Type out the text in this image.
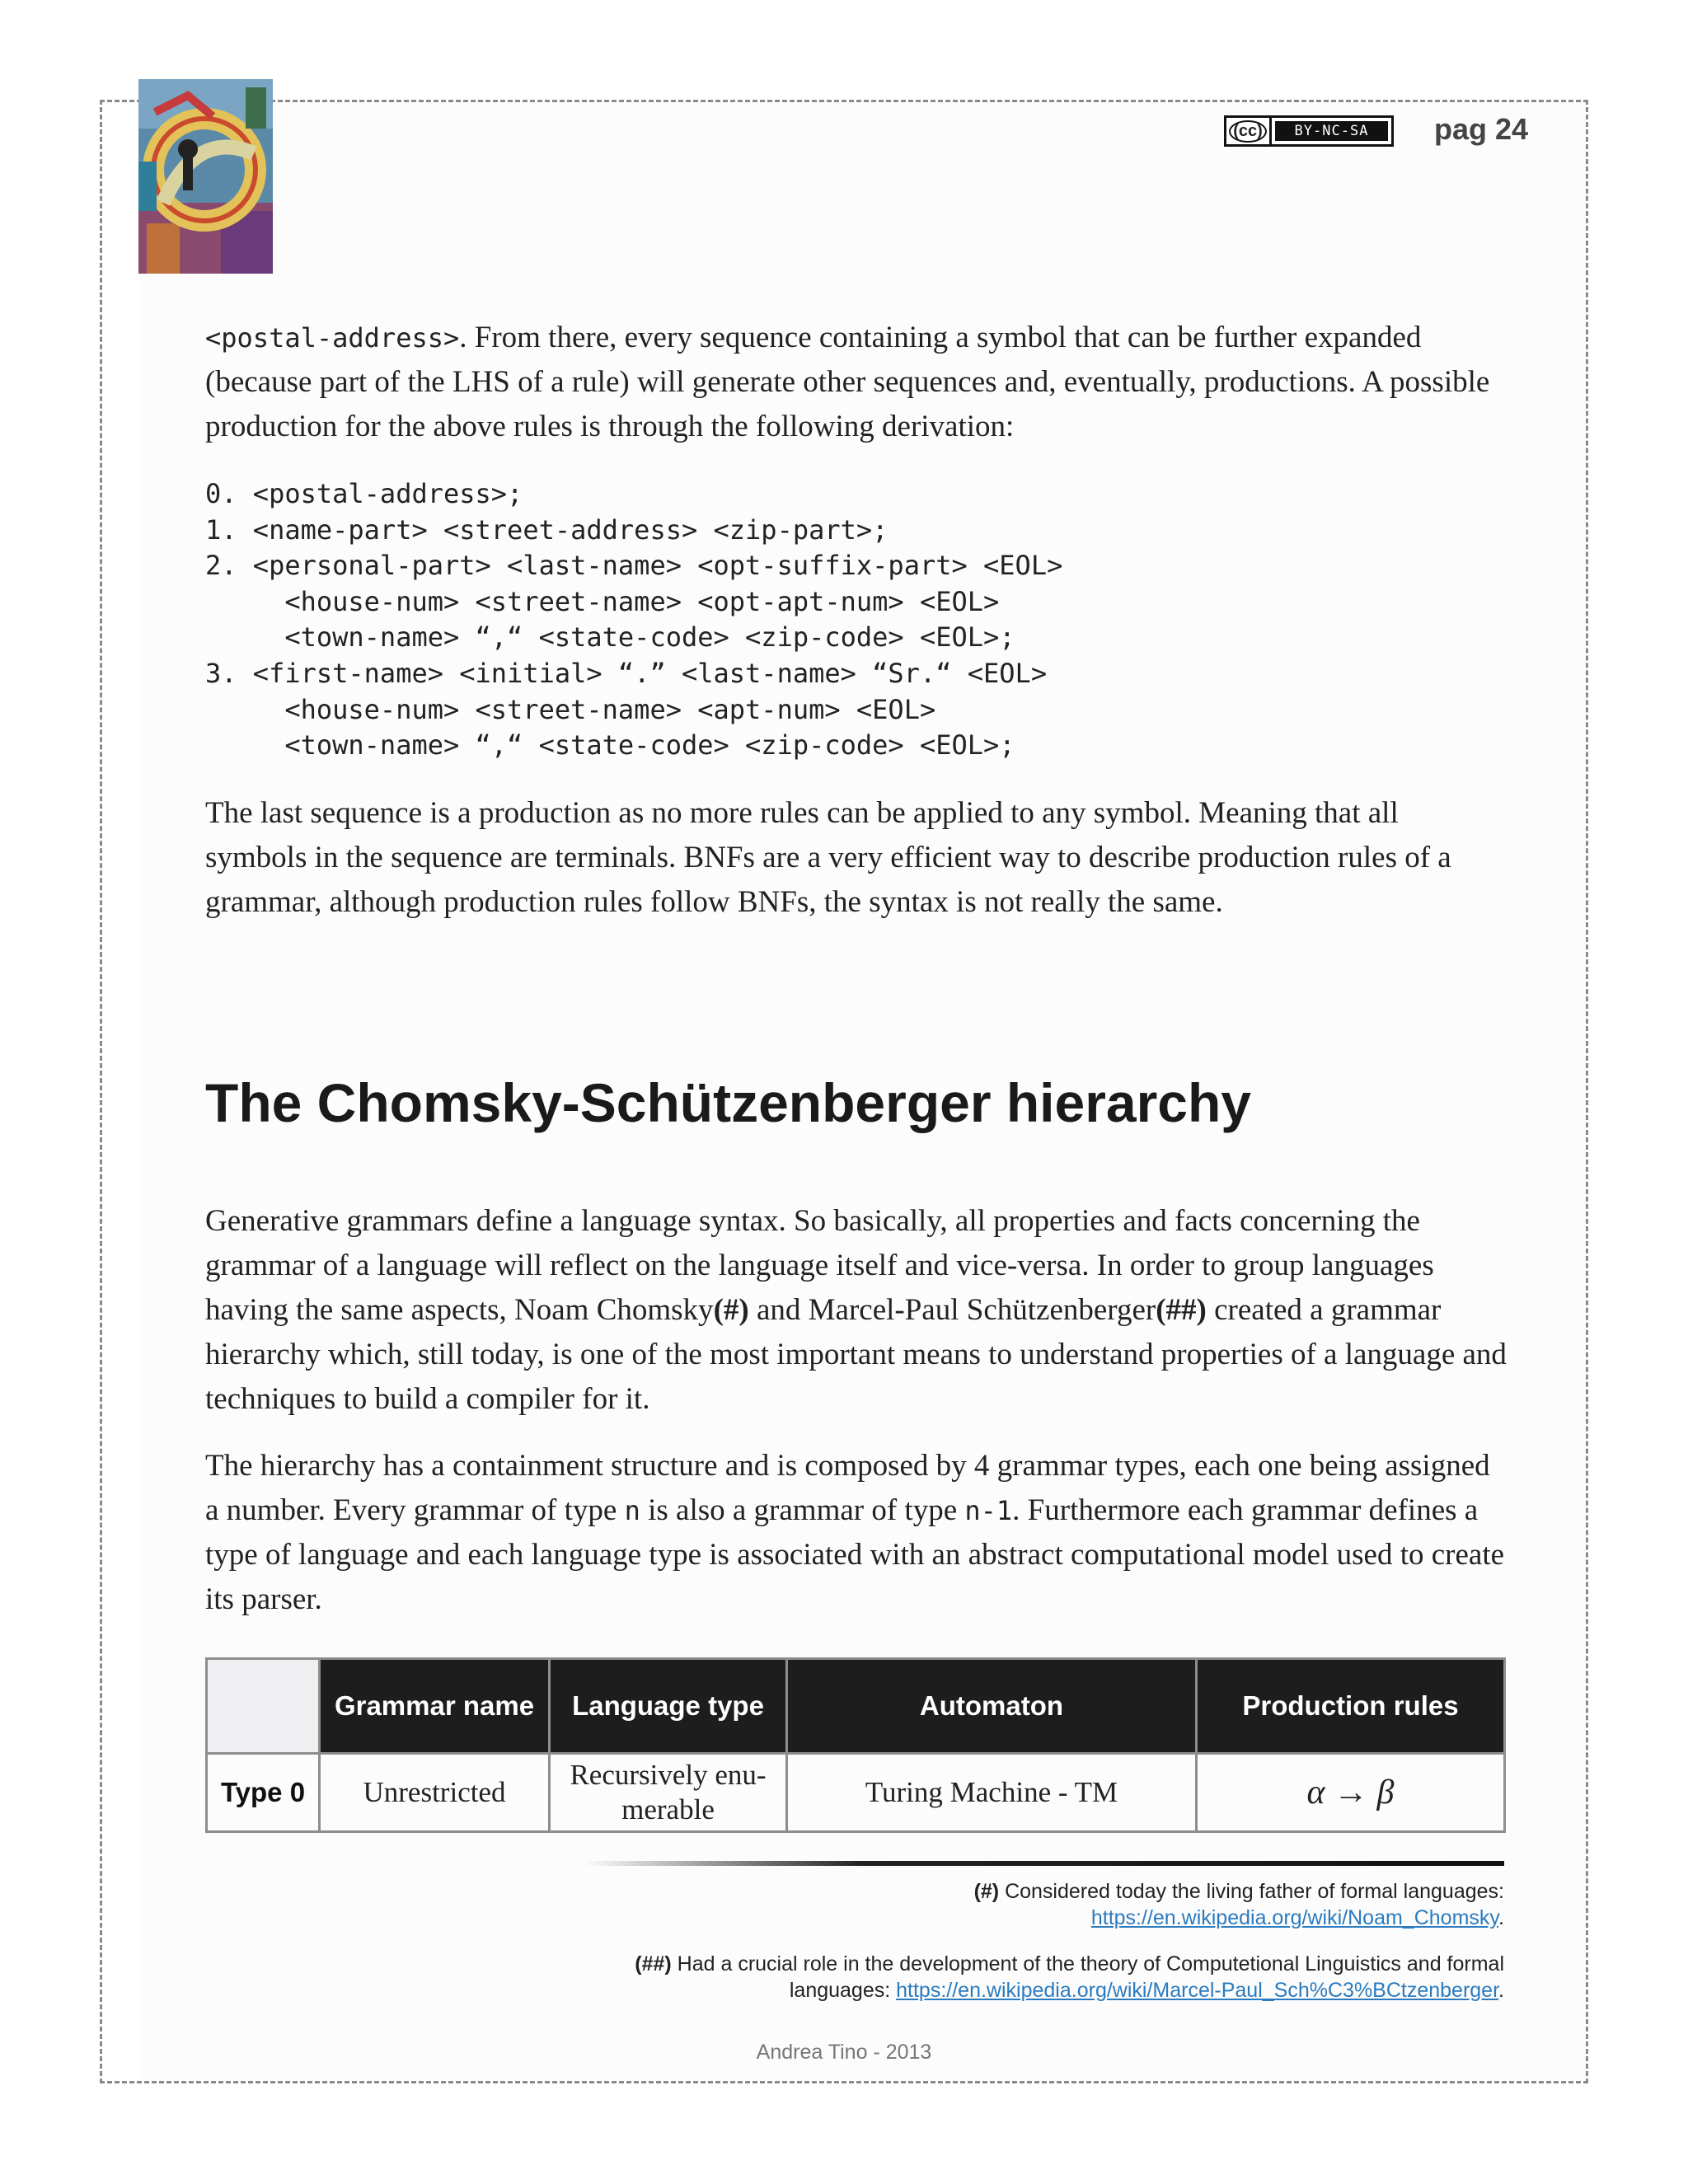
(cc)	BY-NC-SA	pag 24

<postal-address>. From there, every sequence containing a symbol that can be further expanded (because part of the LHS of a rule) will generate other sequences and, eventually, productions. A possible production for the above rules is through the following derivation:

0. <postal-address>;
1. <name-part> <street-address> <zip-part>;
2. <personal-part> <last-name> <opt-suffix-part> <EOL>
<house-num> <street-name> <opt-apt-num> <EOL>
<town-name> “,“ <state-code> <zip-code> <EOL>;
3. <first-name> <initial> “.” <last-name> “Sr.“ <EOL>
<house-num> <street-name> <apt-num> <EOL>
<town-name> “,“ <state-code> <zip-code> <EOL>;

The last sequence is a production as no more rules can be applied to any symbol. Meaning that all symbols in the sequence are terminals. BNFs are a very efficient way to describe production rules of a grammar, although production rules follow BNFs, the syntax is not really the same.

The Chomsky-Schützenberger hierarchy

Generative grammars define a language syntax. So basically, all properties and facts concerning the grammar of a language will reflect on the language itself and vice-versa. In order to group languages having the same aspects, Noam Chomsky(#) and Marcel-Paul Schützenberger(##) created a grammar hierarchy which, still today, is one of the most important means to understand properties of a language and techniques to build a compiler for it.

The hierarchy has a containment structure and is composed by 4 grammar types, each one being assigned a number. Every grammar of type n is also a grammar of type n-1. Furthermore each grammar defines a type of language and each language type is associated with an abstract computational model used to create its parser.

	Grammar name	Language type	Automaton	Production rules
Type 0	Unrestricted	Recursively enu-merable	Turing Machine - TM	α → β
(#) Considered today the living father of formal languages: https://en.wikipedia.org/wiki/Noam_Chomsky.
(##) Had a crucial role in the development of the theory of Computetional Linguistics and formal languages: https://en.wikipedia.org/wiki/Marcel-Paul_Sch%C3%BCtzenberger.
Andrea Tino - 2013
